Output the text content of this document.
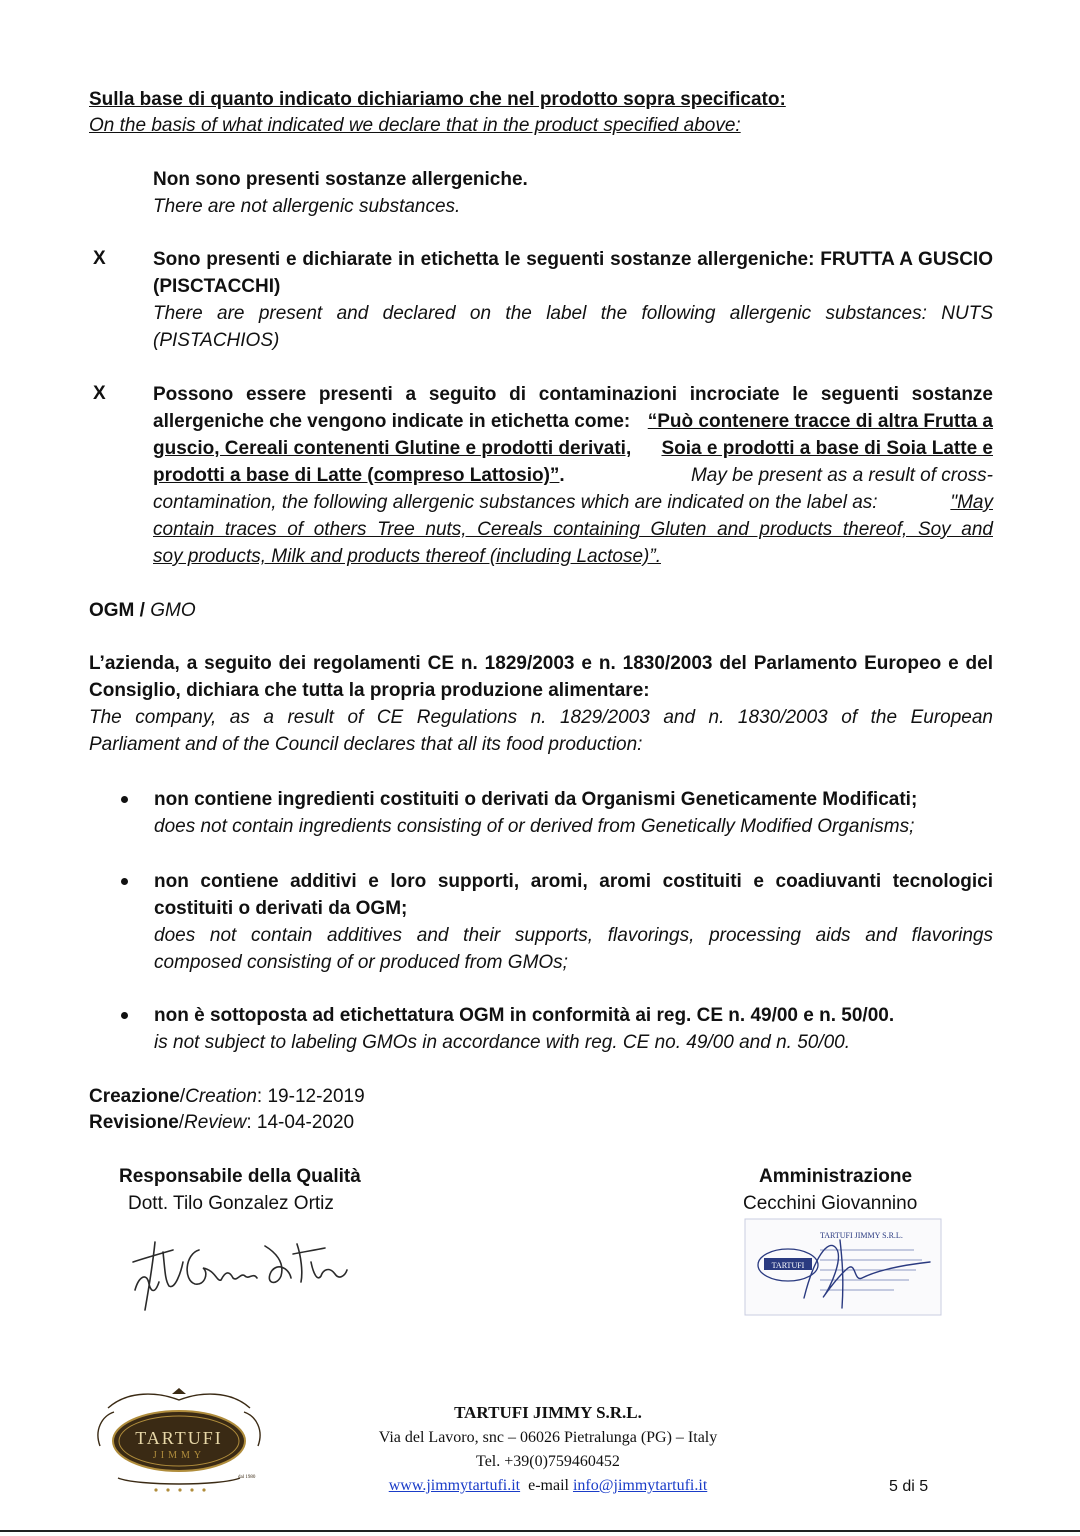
Sulla base di quanto indicato dichiariamo che nel prodotto sopra specificato:
On the basis of what indicated we declare that in the product specified above:
Non sono presenti sostanze allergeniche.
There are not allergenic substances.
X Sono presenti e dichiarate in etichetta le seguenti sostanze allergeniche: FRUTTA A GUSCIO
(PISCTACCHI)
There are present and declared on the label the following allergenic substances: NUTS
(PISTACHIOS)
X Possono essere presenti a seguito di contaminazioni incrociate le seguenti sostanze
allergeniche che vengono indicate in etichetta come: “Può contenere tracce di altra Frutta a
guscio, Cereali contenenti Glutine e prodotti derivati, Soia e prodotti a base di Soia Latte e
prodotti a base di Latte (compreso Lattosio)”.	May be present as a result of cross-
contamination, the following allergenic substances which are indicated on the label as:	"May
contain traces of others Tree nuts, Cereals containing Gluten and products thereof, Soy and
soy products, Milk and products thereof (including Lactose)”.
OGM / GMO
L’azienda, a seguito dei regolamenti CE n. 1829/2003 e n. 1830/2003 del Parlamento Europeo e del
Consiglio, dichiara che tutta la propria produzione alimentare:
The company, as a result of CE Regulations n. 1829/2003 and n. 1830/2003 of the European
Parliament and of the Council declares that all its food production:
non contiene ingredienti costituiti o derivati da Organismi Geneticamente Modificati;
does not contain ingredients consisting of or derived from Genetically Modified Organisms;
non contiene additivi e loro supporti, aromi, aromi costituiti e coadiuvanti tecnologici
costituiti o derivati da OGM;
does not contain additives and their supports, flavorings, processing aids and flavorings
composed consisting of or produced from GMOs;
non è sottoposta ad etichettatura OGM in conformità ai reg. CE n. 49/00 e n. 50/00.
is not subject to labeling GMOs in accordance with reg. CE no. 49/00 and n. 50/00.
Creazione/Creation: 19-12-2019
Revisione/Review: 14-04-2020
Responsabile della Qualità
Dott. Tilo Gonzalez Ortiz
Amministrazione
Cecchini Giovannino
TARTUFI
TARTUFI JIMMY S.R.L.
TARTUFI
JIMMY
dal 1980
TARTUFI JIMMY S.R.L.
Via del Lavoro, snc – 06026 Pietralunga (PG) – Italy
Tel. +39(0)759460452
www.jimmytartufi.it e-mail info@jimmytartufi.it	5 di 5
